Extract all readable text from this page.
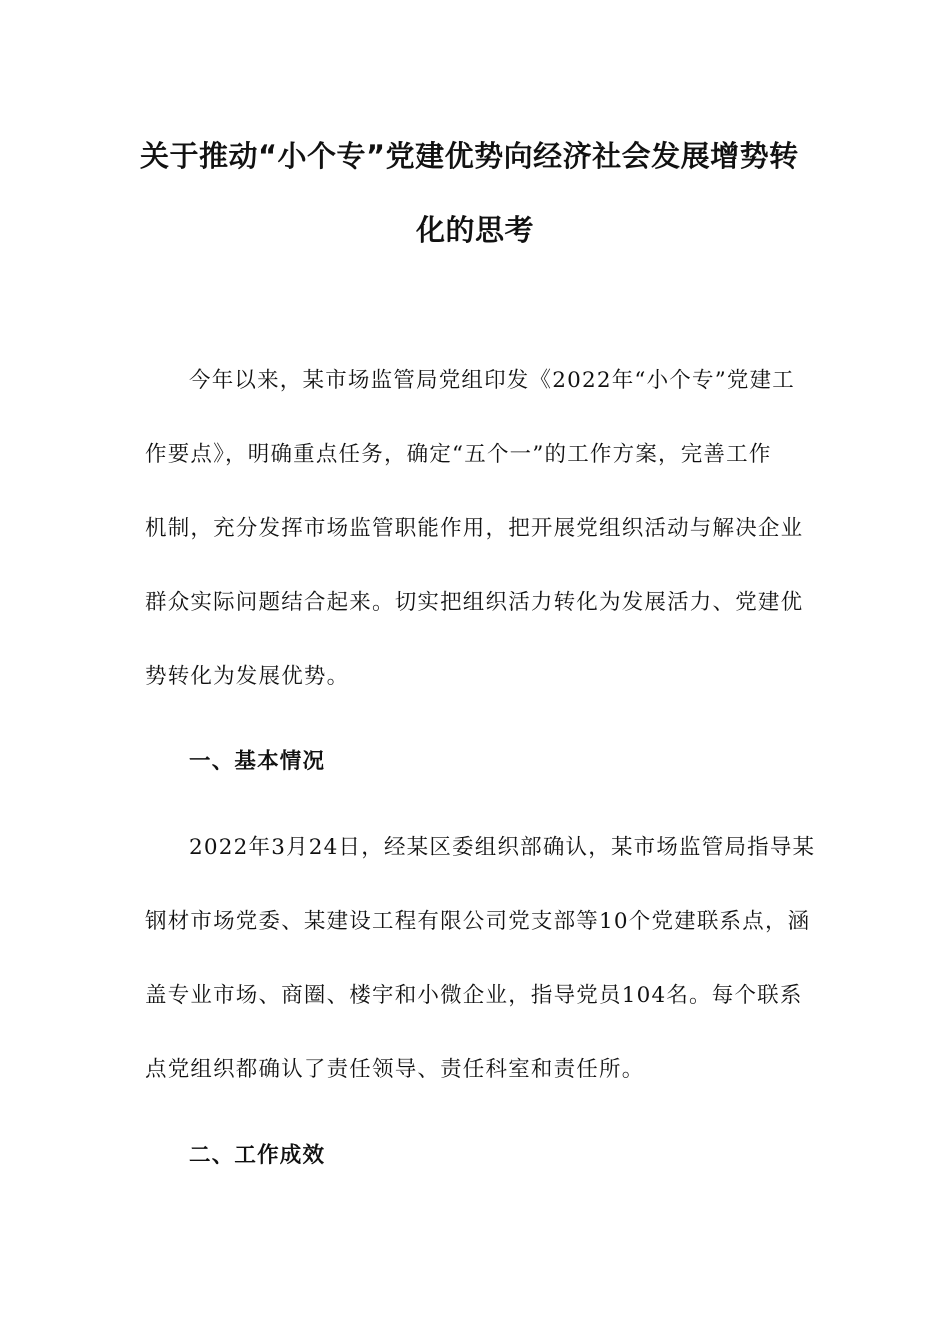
关于推动“小个专”党建优势向经济社会发展增势转
化的思考
今年以来，某市场监管局党组印发《2022年“小个专”党建工
作要点》，明确重点任务，确定“五个一”的工作方案，完善工作
机制，充分发挥市场监管职能作用，把开展党组织活动与解决企业
群众实际问题结合起来。切实把组织活力转化为发展活力、党建优
势转化为发展优势。
一、基本情况
2022年3月24日，经某区委组织部确认，某市场监管局指导某
钢材市场党委、某建设工程有限公司党支部等10个党建联系点，涵
盖专业市场、商圈、楼宇和小微企业，指导党员104名。每个联系
点党组织都确认了责任领导、责任科室和责任所。
二、工作成效
